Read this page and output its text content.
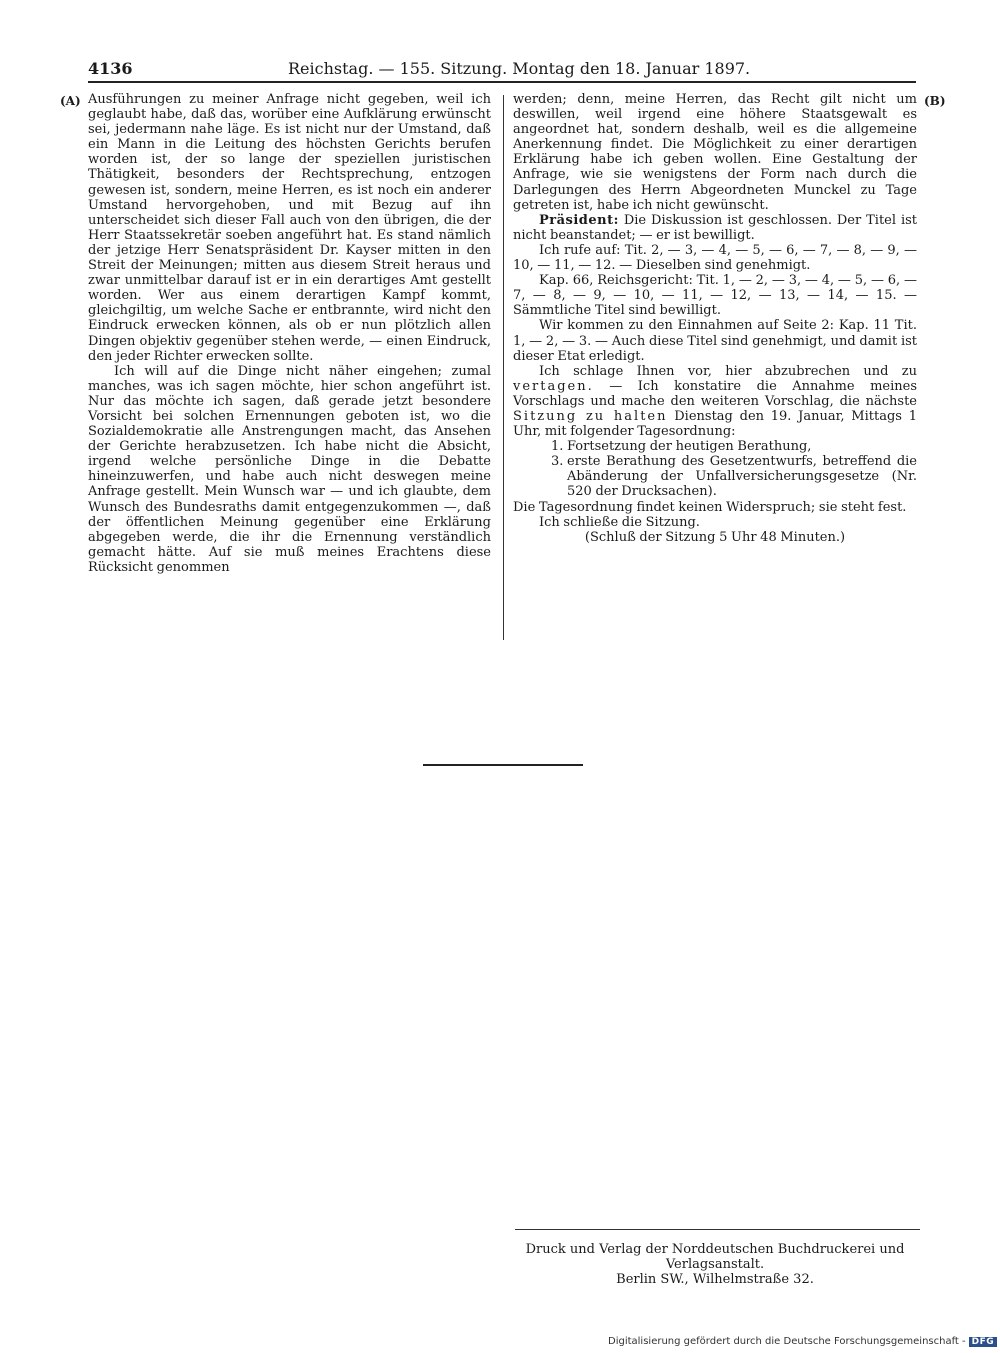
4136	Reichstag. — 155. Sitzung. Montag den 18. Januar 1897.
(A)	(B)

Ausführungen zu meiner Anfrage nicht gegeben, weil ich geglaubt habe, daß das, worüber eine Aufklärung erwünscht sei, jedermann nahe läge. Es ist nicht nur der Umstand, daß ein Mann in die Leitung des höchsten Gerichts berufen worden ist, der so lange der speziellen juristischen Thätigkeit, besonders der Rechtsprechung, entzogen gewesen ist, sondern, meine Herren, es ist noch ein anderer Umstand hervorgehoben, und mit Bezug auf ihn unterscheidet sich dieser Fall auch von den übrigen, die der Herr Staatssekretär soeben angeführt hat. Es stand nämlich der jetzige Herr Senatspräsident Dr. Kayser mitten in den Streit der Meinungen; mitten aus diesem Streit heraus und zwar unmittelbar darauf ist er in ein derartiges Amt gestellt worden. Wer aus einem derartigen Kampf kommt, gleichgiltig, um welche Sache er entbrannte, wird nicht den Eindruck erwecken können, als ob er nun plötzlich allen Dingen objektiv gegenüber stehen werde, — einen Eindruck, den jeder Richter erwecken sollte.

Ich will auf die Dinge nicht näher eingehen; zumal manches, was ich sagen möchte, hier schon angeführt ist. Nur das möchte ich sagen, daß gerade jetzt besondere Vorsicht bei solchen Ernennungen geboten ist, wo die Sozialdemokratie alle Anstrengungen macht, das Ansehen der Gerichte herabzusetzen. Ich habe nicht die Absicht, irgend welche persönliche Dinge in die Debatte hineinzuwerfen, und habe auch nicht deswegen meine Anfrage gestellt. Mein Wunsch war — und ich glaubte, dem Wunsch des Bundesraths damit entgegenzukommen —, daß der öffentlichen Meinung gegenüber eine Erklärung abgegeben werde, die ihr die Ernennung verständlich gemacht hätte. Auf sie muß meines Erachtens diese Rücksicht genommen

werden; denn, meine Herren, das Recht gilt nicht um deswillen, weil irgend eine höhere Staatsgewalt es angeordnet hat, sondern deshalb, weil es die allgemeine Anerkennung findet. Die Möglichkeit zu einer derartigen Erklärung habe ich geben wollen. Eine Gestaltung der Anfrage, wie sie wenigstens der Form nach durch die Darlegungen des Herrn Abgeordneten Munckel zu Tage getreten ist, habe ich nicht gewünscht.

Präsident: Die Diskussion ist geschlossen. Der Titel ist nicht beanstandet; — er ist bewilligt.

Ich rufe auf: Tit. 2, — 3, — 4, — 5, — 6, — 7, — 8, — 9, — 10, — 11, — 12. — Dieselben sind genehmigt.

Kap. 66, Reichsgericht: Tit. 1, — 2, — 3, — 4, — 5, — 6, — 7, — 8, — 9, — 10, — 11, — 12, — 13, — 14, — 15. — Sämmtliche Titel sind bewilligt.

Wir kommen zu den Einnahmen auf Seite 2: Kap. 11 Tit. 1, — 2, — 3. — Auch diese Titel sind genehmigt, und damit ist dieser Etat erledigt.

Ich schlage Ihnen vor, hier abzubrechen und zu vertagen. — Ich konstatire die Annahme meines Vorschlags und mache den weiteren Vorschlag, die nächste Sitzung zu halten Dienstag den 19. Januar, Mittags 1 Uhr, mit folgender Tagesordnung:

1. Fortsetzung der heutigen Berathung,
3. erste Berathung des Gesetzentwurfs, betreffend die Abänderung der Unfallversicherungsgesetze (Nr. 520 der Drucksachen).

Die Tagesordnung findet keinen Widerspruch; sie steht fest.

Ich schließe die Sitzung.

(Schluß der Sitzung 5 Uhr 48 Minuten.)

Druck und Verlag der Norddeutschen Buchdruckerei und Verlagsanstalt.
Berlin SW., Wilhelmstraße 32.
Digitalisierung gefördert durch die Deutsche Forschungsgemeinschaft - DFG
